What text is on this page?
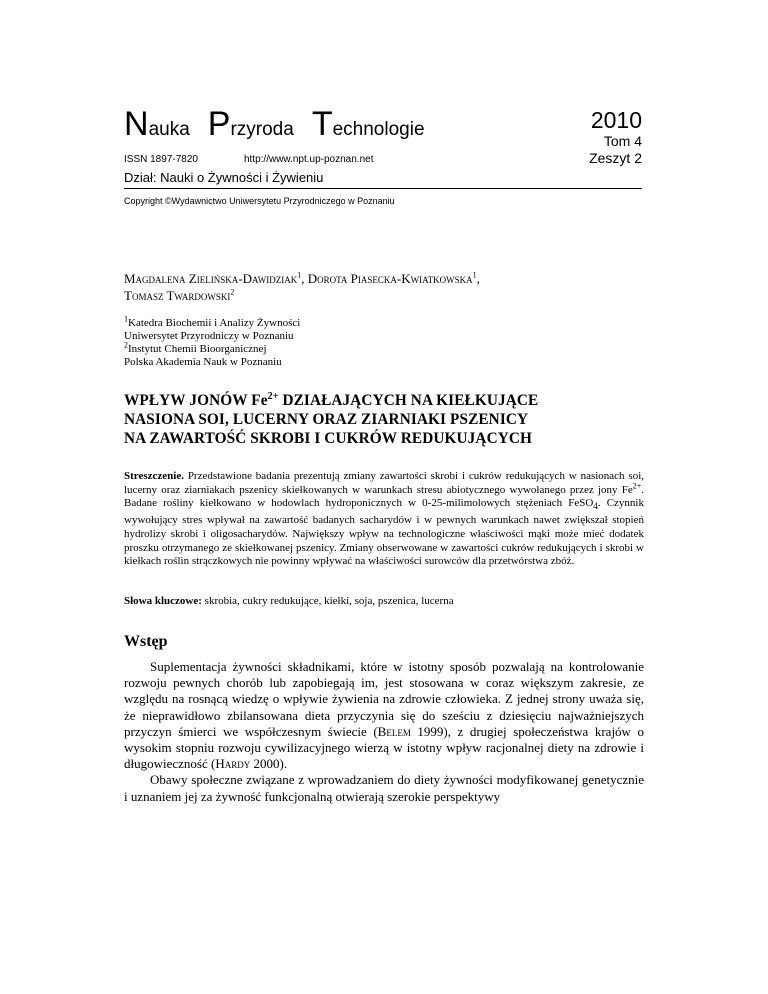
Nauka Przyroda Technologie	2010
Tom 4
Zeszyt 2
ISSN 1897-7820	http://www.npt.up-poznan.net
Dział: Nauki o Żywności i Żywieniu
Copyright ©Wydawnictwo Uniwersytetu Przyrodniczego w Poznaniu
Magdalena Zielińska-Dawidziak$^1$, Dorota Piasecka-Kwiatkowska$^1$,
Tomasz Twardowski$^2$
$^1$Katedra Biochemii i Analizy Żywności
Uniwersytet Przyrodniczy w Poznaniu
$^2$Instytut Chemii Bioorganicznej
Polska Akademia Nauk w Poznaniu
WPŁYW JONÓW $Fe^{2+}$ DZIAŁAJĄCYCH NA KIEŁKUJĄCE
NASIONA SOI, LUCERNY ORAZ ZIARNIAKI PSZENICY
NA ZAWARTOŚĆ SKROBI I CUKRÓW REDUKUJĄCYCH
Streszczenie. Przedstawione badania prezentują zmiany zawartości skrobi i cukrów redukujących w nasionach soi, lucerny oraz ziarniakach pszenicy skiełkowanych w warunkach stresu abiotycznego wywołanego przez jony $Fe^{2+}$. Badane rośliny kiełkowano w hodowlach hydroponicznych w 0-25-milimolowych stężeniach FeSO$_4$. Czynnik wywołujący stres wpływał na zawartość badanych sacharydów i w pewnych warunkach nawet zwiększał stopień hydrolizy skrobi i oligosacharydów. Największy wpływ na technologiczne właściwości mąki może mieć dodatek proszku otrzymanego ze skiełkowanej pszenicy. Zmiany obserwowane w zawartości cukrów redukujących i skrobi w kiełkach roślin strączkowych nie powinny wpływać na właściwości surowców dla przetwórstwa zbóż.
Słowa kluczowe: skrobia, cukry redukujące, kiełki, soja, pszenica, lucerna
Wstęp

Suplementacja żywności składnikami, które w istotny sposób pozwalają na kontrolowanie rozwoju pewnych chorób lub zapobiegają im, jest stosowana w coraz większym zakresie, ze względu na rosnącą wiedzę o wpływie żywienia na zdrowie człowieka. Z jednej strony uważa się, że nieprawidłowo zbilansowana dieta przyczynia się do sześciu z dziesięciu najważniejszych przyczyn śmierci we współczesnym świecie (Belem 1999), z drugiej społeczeństwa krajów o wysokim stopniu rozwoju cywilizacyjnego wierzą w istotny wpływ racjonalnej diety na zdrowie i długowieczność (Hardy 2000).

Obawy społeczne związane z wprowadzaniem do diety żywności modyfikowanej genetycznie i uznaniem jej za żywność funkcjonalną otwierają szerokie perspektywy
